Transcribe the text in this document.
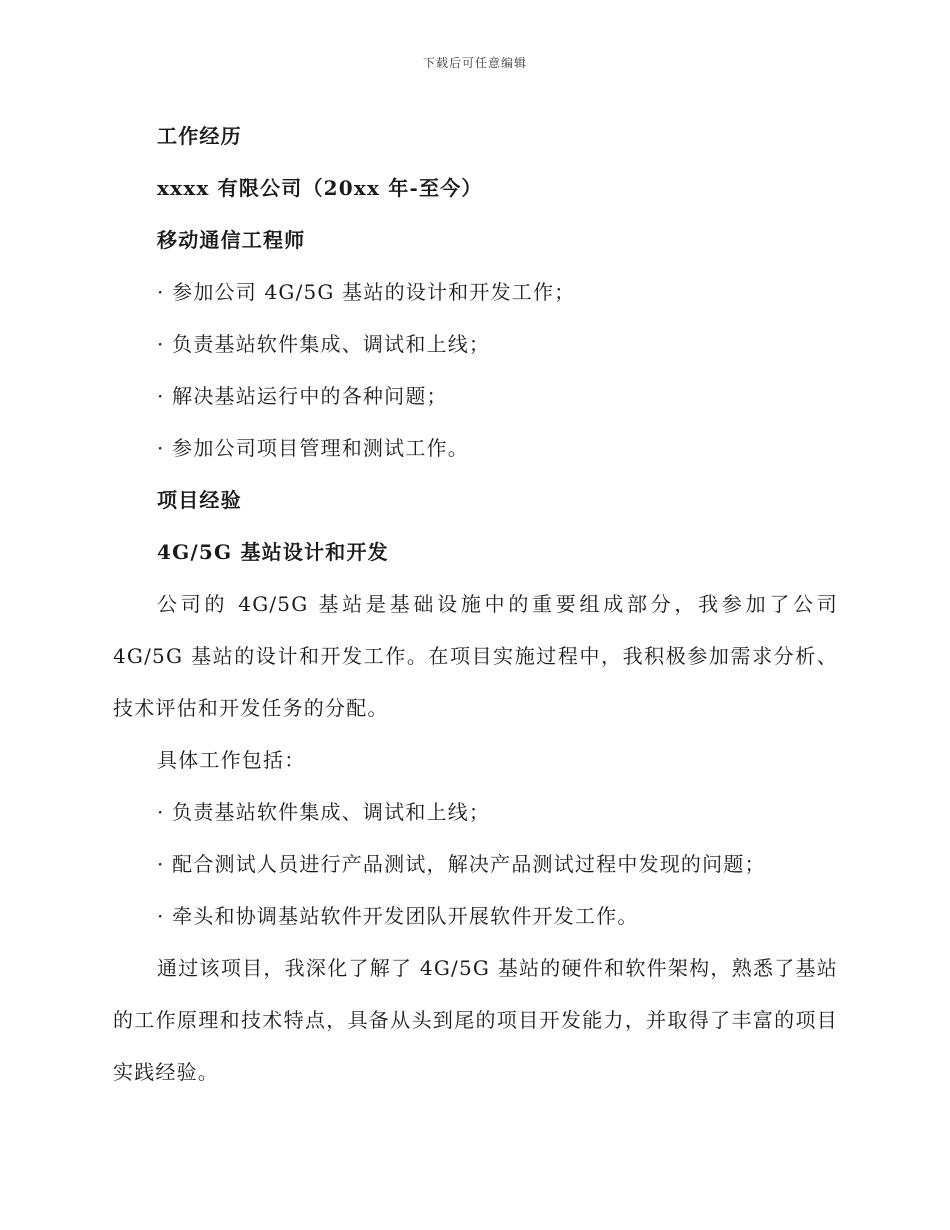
下载后可任意编辑
工作经历
xxxx 有限公司（20xx 年-至今）
移动通信工程师
· 参加公司 4G/5G 基站的设计和开发工作；
· 负责基站软件集成、调试和上线；
· 解决基站运行中的各种问题；
· 参加公司项目管理和测试工作。
项目经验
4G/5G 基站设计和开发

公司的 4G/5G 基站是基础设施中的重要组成部分，我参加了公司 4G/5G 基站的设计和开发工作。在项目实施过程中，我积极参加需求分析、技术评估和开发任务的分配。

具体工作包括：
· 负责基站软件集成、调试和上线；
· 配合测试人员进行产品测试，解决产品测试过程中发现的问题；
· 牵头和协调基站软件开发团队开展软件开发工作。

通过该项目，我深化了解了 4G/5G 基站的硬件和软件架构，熟悉了基站的工作原理和技术特点，具备从头到尾的项目开发能力，并取得了丰富的项目实践经验。
